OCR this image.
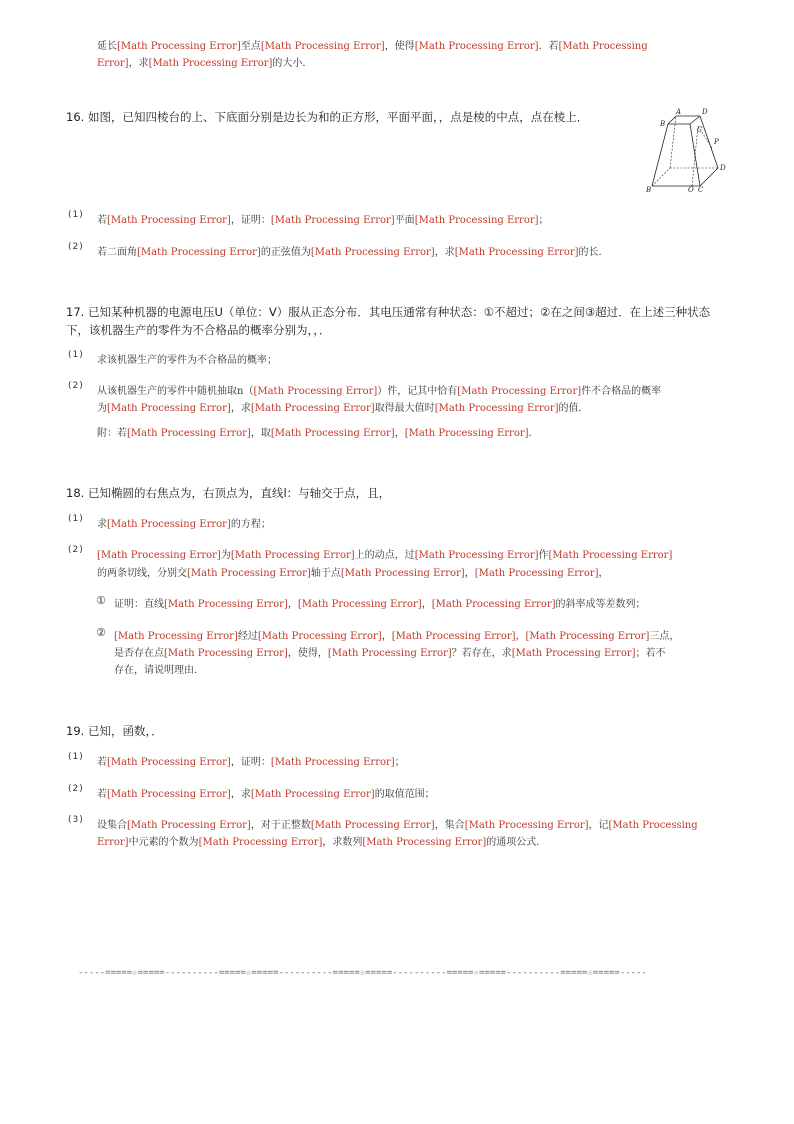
延长[Math Processing Error]至点[Math Processing Error]，使得[Math Processing Error]．若[Math Processing
Error]，求[Math Processing Error]的大小．
16. 如图，已知四棱台的上、下底面分别是边长为和的正方形，平面平面，，点是棱的中点，点在棱上．	A	D
B
C
P
D
B	O C
(1) 若[Math Processing Error]，证明：[Math Processing Error]平面[Math Processing Error]；
(2) 若二面角[Math Processing Error]的正弦值为[Math Processing Error]，求[Math Processing Error]的长．
17. 已知某种机器的电源电压U（单位：V）服从正态分布．其电压通常有种状态：①不超过；②在之间③超过．在上述三种状态
下，该机器生产的零件为不合格品的概率分别为，，．
(1) 求该机器生产的零件为不合格品的概率；
(2) 从该机器生产的零件中随机抽取n（[Math Processing Error]）件，记其中恰有[Math Processing Error]件不合格品的概率
为[Math Processing Error]，求[Math Processing Error]取得最大值时[Math Processing Error]的值．
附：若[Math Processing Error]，取[Math Processing Error]，[Math Processing Error]．
18. 已知椭圆的右焦点为，右顶点为，直线l：与轴交于点，且，
(1) 求[Math Processing Error]的方程；
(2) [Math Processing Error]为[Math Processing Error]上的动点，过[Math Processing Error]作[Math Processing Error]
的两条切线，分别交[Math Processing Error]轴于点[Math Processing Error]，[Math Processing Error]，
① 证明：直线[Math Processing Error]，[Math Processing Error]，[Math Processing Error]的斜率成等差数列；
② [Math Processing Error]经过[Math Processing Error]，[Math Processing Error]，[Math Processing Error]三点，
是否存在点[Math Processing Error]，使得，[Math Processing Error]？若存在，求[Math Processing Error]；若不
存在，请说明理由．
19. 已知，函数，．
(1) 若[Math Processing Error]，证明：[Math Processing Error]；
(2) 若[Math Processing Error]，求[Math Processing Error]的取值范围；
(3) 设集合[Math Processing Error]，对于正整数[Math Processing Error]，集合[Math Processing Error]，记[Math Processing
Error]中元素的个数为[Math Processing Error]，求数列[Math Processing Error]的通项公式．
-----=====☆=====----------=====☆=====----------=====☆=====----------=====☆=====----------=====☆=====-----
